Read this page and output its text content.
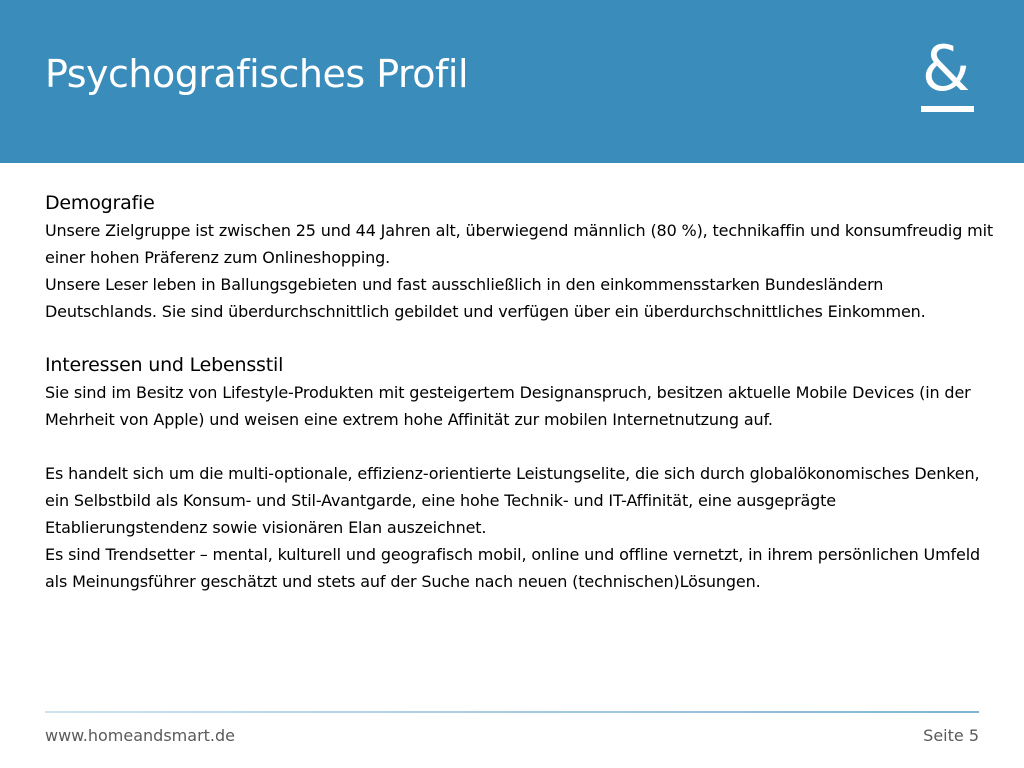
Psychografisches Profil	&
Demografie
Unsere Zielgruppe ist zwischen 25 und 44 Jahren alt, überwiegend männlich (80 %), technikaffin und konsumfreudig mit einer hohen Präferenz zum Onlineshopping.
Unsere Leser leben in Ballungsgebieten und fast ausschließlich in den einkommensstarken Bundesländern Deutschlands. Sie sind überdurchschnittlich gebildet und verfügen über ein überdurchschnittliches Einkommen.
Interessen und Lebensstil
Sie sind im Besitz von Lifestyle-Produkten mit gesteigertem Designanspruch, besitzen aktuelle Mobile Devices (in der Mehrheit von Apple) und weisen eine extrem hohe Affinität zur mobilen Internetnutzung auf.
Es handelt sich um die multi-optionale, effizienz-orientierte Leistungselite, die sich durch globalökonomisches Denken, ein Selbstbild als Konsum- und Stil-Avantgarde, eine hohe Technik- und IT-Affinität, eine ausgeprägte Etablierungstendenz sowie visionären Elan auszeichnet.
Es sind Trendsetter – mental, kulturell und geografisch mobil, online und offline vernetzt, in ihrem persönlichen Umfeld als Meinungsführer geschätzt und stets auf der Suche nach neuen (technischen)Lösungen.
www.homeandsmart.de	Seite 5
